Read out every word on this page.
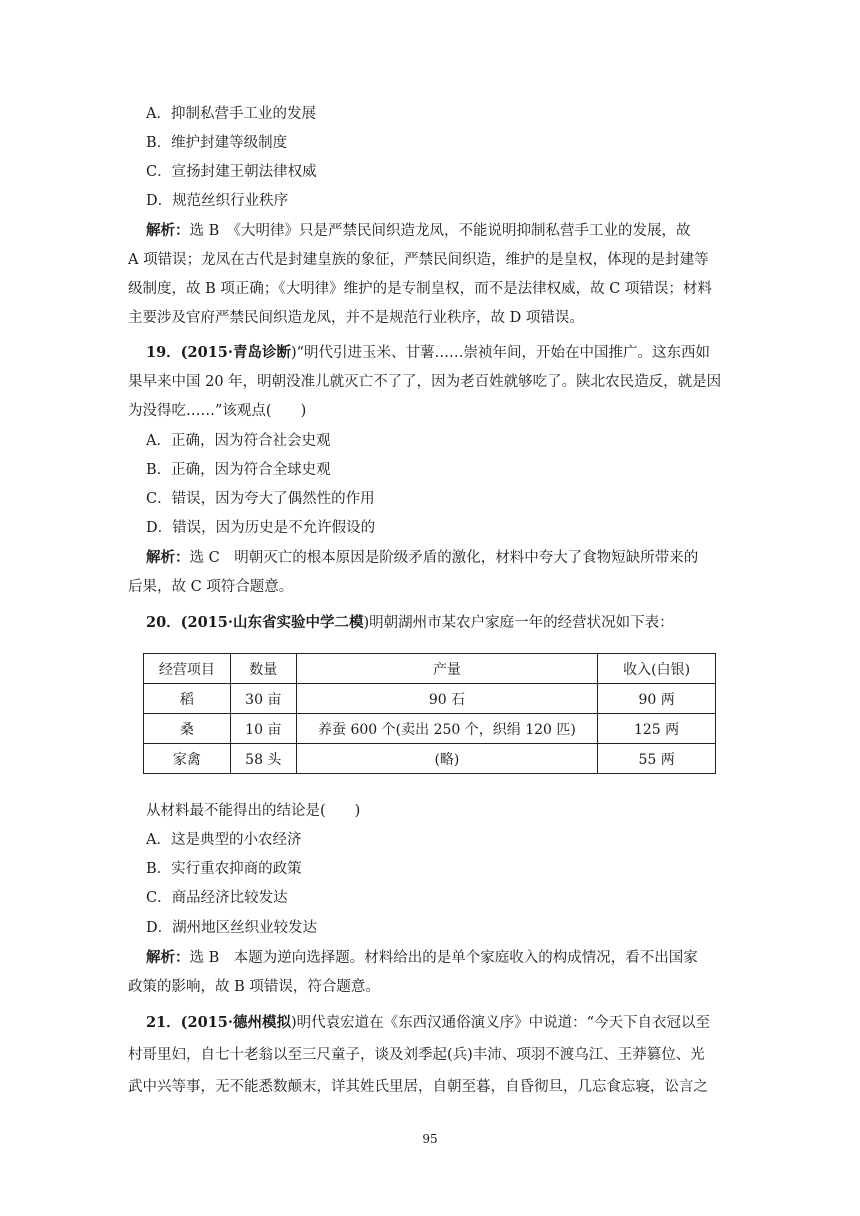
A．抑制私营手工业的发展
B．维护封建等级制度
C．宣扬封建王朝法律权威
D．规范丝织行业秩序
解析：选 B　《大明律》只是严禁民间织造龙凤，不能说明抑制私营手工业的发展，故
A 项错误；龙凤在古代是封建皇族的象征，严禁民间织造，维护的是皇权，体现的是封建等
级制度，故 B 项正确；《大明律》维护的是专制皇权，而不是法律权威，故 C 项错误；材料
主要涉及官府严禁民间织造龙凤，并不是规范行业秩序，故 D 项错误。
19．(2015·青岛诊断)“明代引进玉米、甘薯……崇祯年间，开始在中国推广。这东西如
果早来中国 20 年，明朝没准儿就灭亡不了了，因为老百姓就够吃了。陕北农民造反，就是因
为没得吃……”该观点(　　)
A．正确，因为符合社会史观
B．正确，因为符合全球史观
C．错误，因为夸大了偶然性的作用
D．错误，因为历史是不允许假设的
解析：选 C　明朝灭亡的根本原因是阶级矛盾的激化，材料中夸大了食物短缺所带来的
后果，故 C 项符合题意。
20．(2015·山东省实验中学二模)明朝湖州市某农户家庭一年的经营状况如下表：
经营项目	数量	产量	收入(白银)
稻	30 亩	90 石	90 两
桑	10 亩	养蚕 600 个(卖出 250 个，织绢 120 匹)	125 两
家禽	58 头	(略)	55 两
从材料最不能得出的结论是(　　)
A．这是典型的小农经济
B．实行重农抑商的政策
C．商品经济比较发达
D．湖州地区丝织业较发达
解析：选 B　本题为逆向选择题。材料给出的是单个家庭收入的构成情况，看不出国家
政策的影响，故 B 项错误，符合题意。
21．(2015·德州模拟)明代袁宏道在《东西汉通俗演义序》中说道：“今天下自衣冠以至
村哥里妇，自七十老翁以至三尺童子，谈及刘季起(兵)丰沛、项羽不渡乌江、王莽篡位、光
武中兴等事，无不能悉数颠末，详其姓氏里居，自朝至暮，自昏彻旦，几忘食忘寝，讼言之
95
